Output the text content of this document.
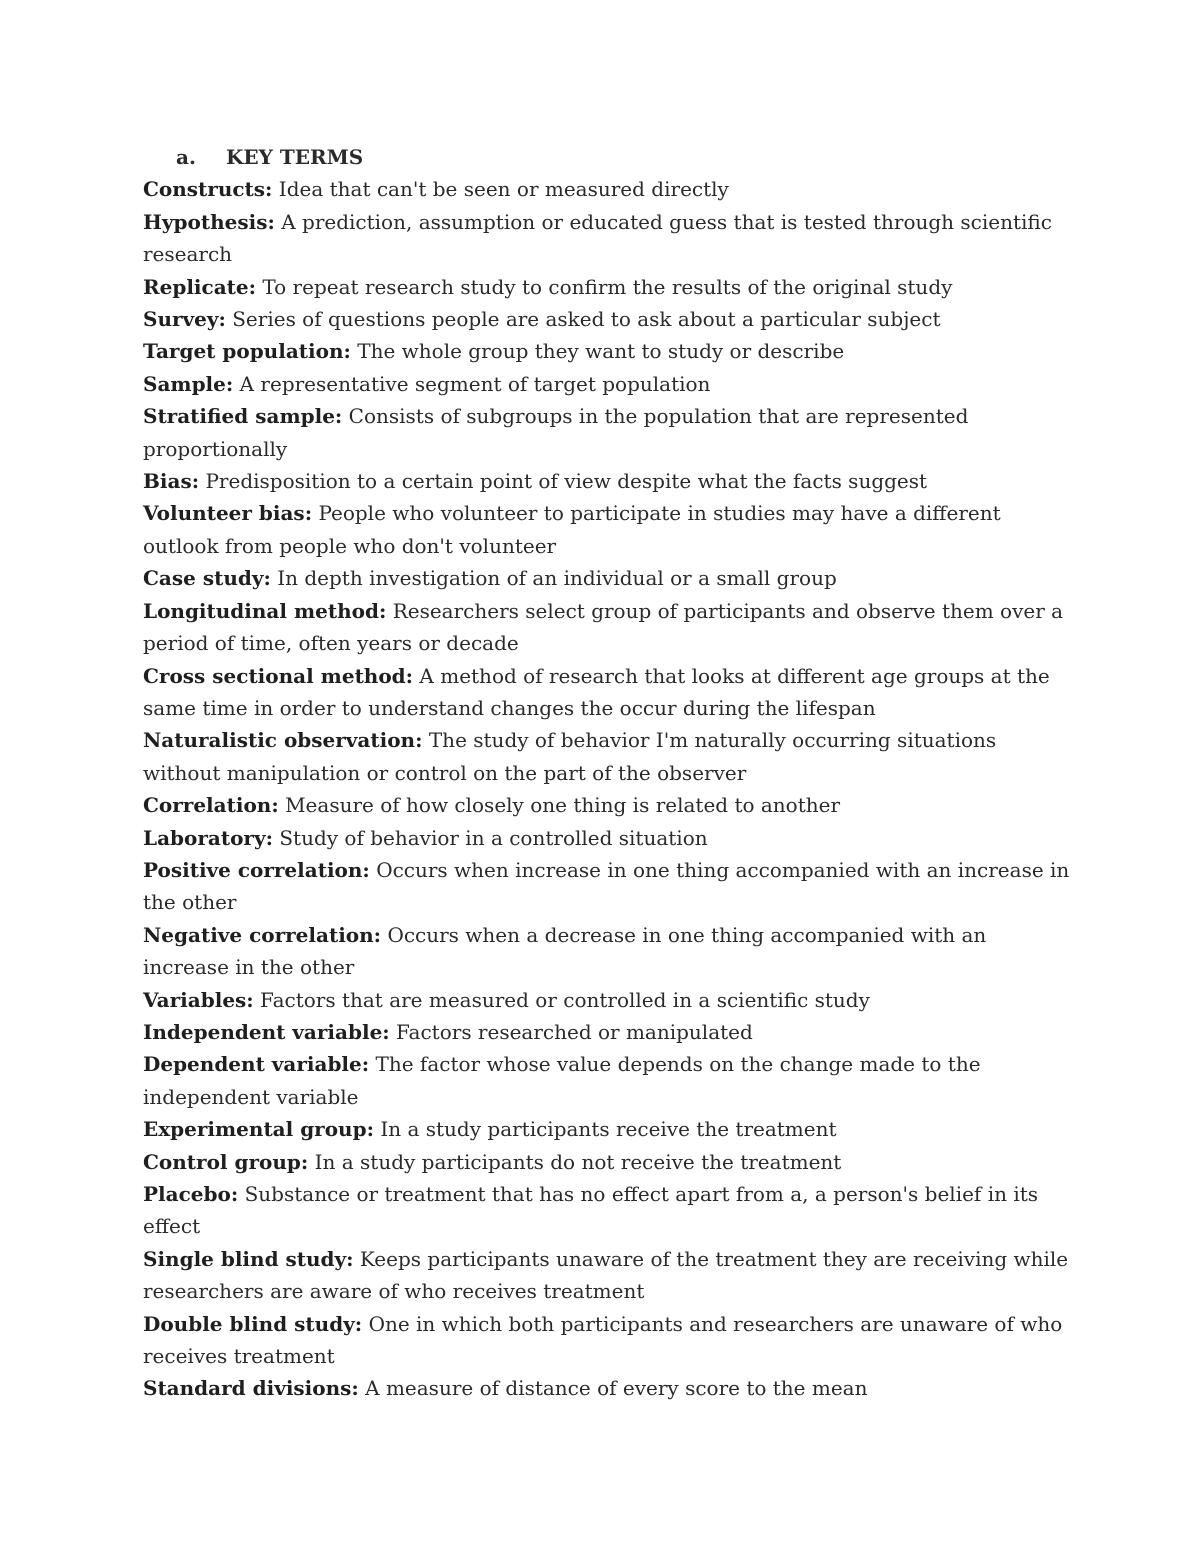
a.	KEY TERMS

Constructs: Idea that can't be seen or measured directly

Hypothesis: A prediction, assumption or educated guess that is tested through scientific research

Replicate: To repeat research study to confirm the results of the original study

Survey: Series of questions people are asked to ask about a particular subject

Target population: The whole group they want to study or describe

Sample: A representative segment of target population

Stratified sample: Consists of subgroups in the population that are represented proportionally

Bias: Predisposition to a certain point of view despite what the facts suggest

Volunteer bias: People who volunteer to participate in studies may have a different outlook from people who don't volunteer

Case study: In depth investigation of an individual or a small group

Longitudinal method: Researchers select group of participants and observe them over a period of time, often years or decade

Cross sectional method: A method of research that looks at different age groups at the same time in order to understand changes the occur during the lifespan

Naturalistic observation: The study of behavior I'm naturally occurring situations without manipulation or control on the part of the observer

Correlation: Measure of how closely one thing is related to another

Laboratory: Study of behavior in a controlled situation

Positive correlation: Occurs when increase in one thing accompanied with an increase in the other

Negative correlation: Occurs when a decrease in one thing accompanied with an increase in the other

Variables: Factors that are measured or controlled in a scientific study

Independent variable: Factors researched or manipulated

Dependent variable: The factor whose value depends on the change made to the independent variable

Experimental group: In a study participants receive the treatment

Control group: In a study participants do not receive the treatment

Placebo: Substance or treatment that has no effect apart from a, a person's belief in its effect

Single blind study: Keeps participants unaware of the treatment they are receiving while researchers are aware of who receives treatment

Double blind study: One in which both participants and researchers are unaware of who receives treatment

Standard divisions: A measure of distance of every score to the mean
